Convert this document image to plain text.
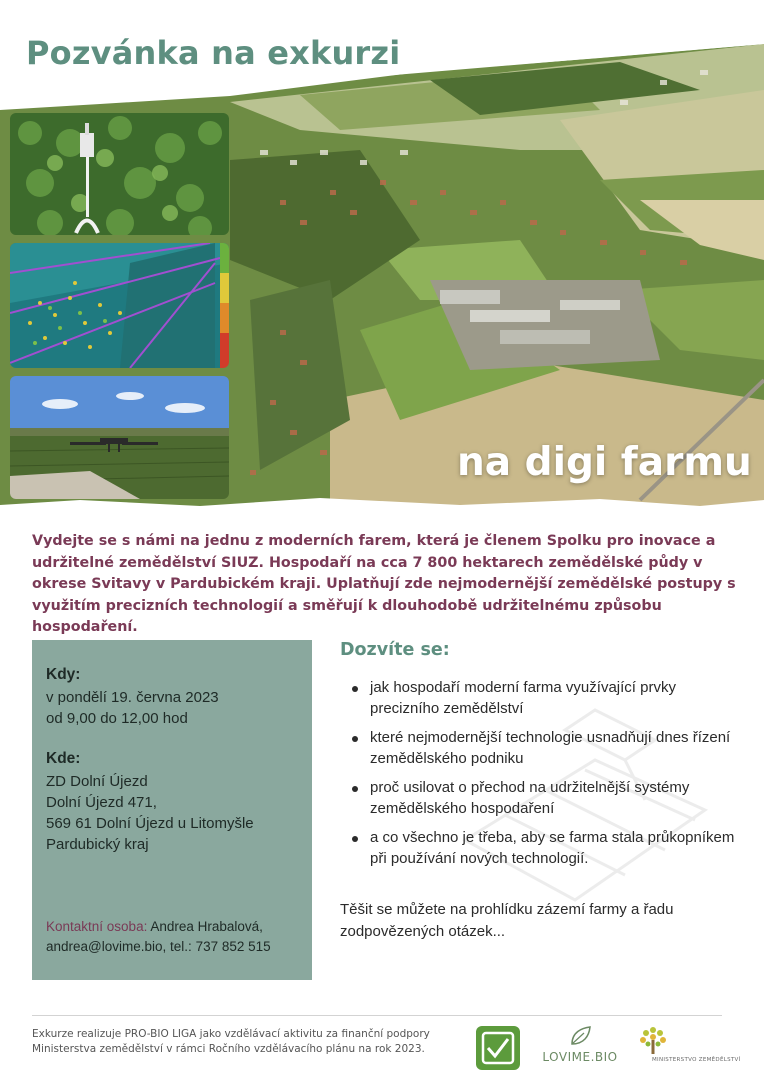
Pozvánka na exkurzi
na digi farmu

Vydejte se s námi na jednu z moderních farem, která je členem Spolku pro inovace a udržitelné zemědělství SIUZ. Hospodaří na cca 7 800 hektarech zemědělské půdy v okrese Svitavy v Pardubickém kraji. Uplatňují zde nejmodernější zemědělské postupy s využitím precizních technologií a směřují k dlouhodobě udržitelnému způsobu hospodaření.

Kdy:

v pondělí 19. června 2023

od 9,00 do 12,00 hod

Kde:

ZD Dolní Újezd

Dolní Újezd 471,

569 61 Dolní Újezd u Litomyšle

Pardubický kraj

Kontaktní osoba: Andrea Hrabalová,
andrea@lovime.bio, tel.: 737 852 515
Dozvíte se:
jak hospodaří moderní farma využívající prvky precizního zemědělství
které nejmodernější technologie usnadňují dnes řízení zemědělského podniku
proč usilovat o přechod na udržitelnější systémy zemědělského hospodaření
a co všechno je třeba, aby se farma stala průkopníkem při používání nových technologií.

Těšit se můžete na prohlídku zázemí farmy a řadu zodpovězených otázek...

Exkurze realizuje PRO-BIO LIGA jako vzdělávací aktivitu za finanční podpory Ministerstva zemědělství v rámci Ročního vzdělávacího plánu na rok 2023.

LOVIME.BIO	MINISTERSTVO ZEMĚDĚLSTVÍ
